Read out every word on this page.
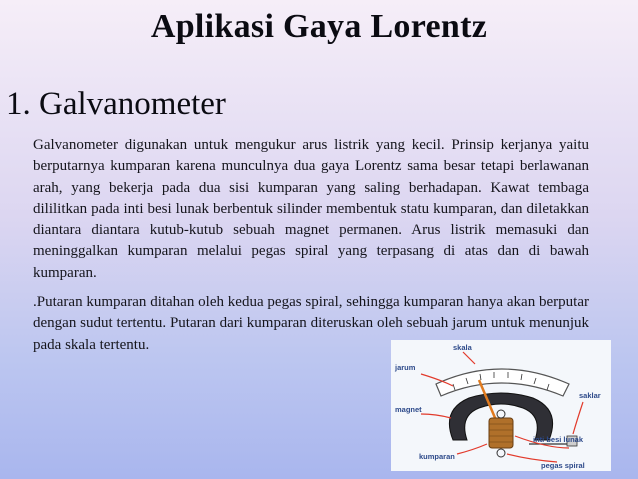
Aplikasi Gaya Lorentz
1. Galvanometer
Galvanometer digunakan untuk mengukur arus listrik yang kecil. Prinsip kerjanya yaitu berputarnya kumparan karena munculnya dua gaya Lorentz sama besar tetapi berlawanan arah, yang bekerja pada dua sisi kumparan yang saling berhadapan. Kawat tembaga dililitkan pada inti besi lunak berbentuk silinder membentuk statu kumparan, dan diletakkan diantara diantara kutub-kutub sebuah magnet permanen. Arus listrik memasuki dan meninggalkan kumparan melalui pegas spiral yang terpasang di atas dan di bawah kumparan.
.Putaran kumparan ditahan oleh kedua pegas spiral, sehingga kumparan hanya akan berputar dengan sudut tertentu. Putaran dari kumparan diteruskan oleh sebuah jarum untuk menunjuk pada skala tertentu.	skala
jarum
magnet
kumparan
saklar
inti besi lunak
pegas spiral
